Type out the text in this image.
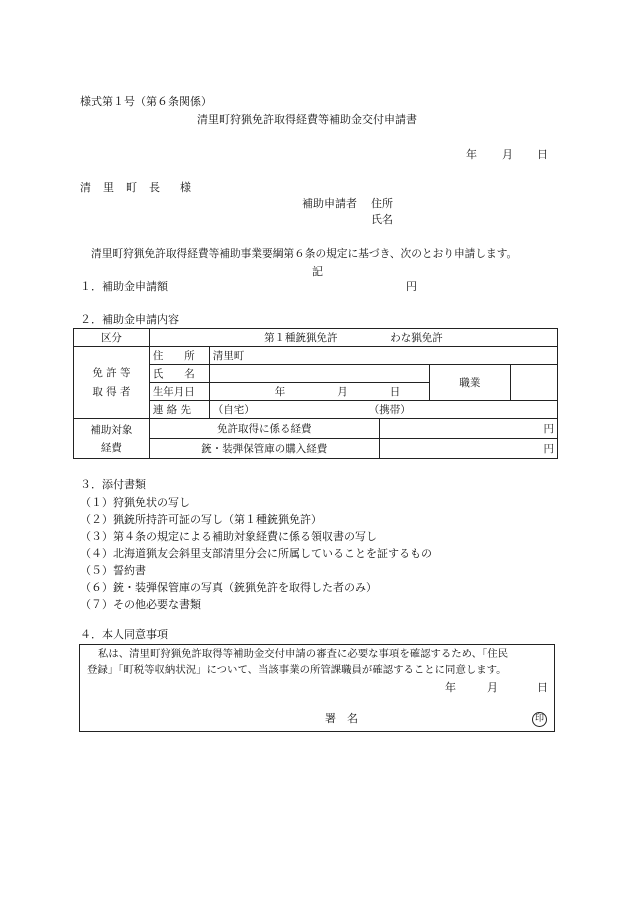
様式第１号（第６条関係）
清里町狩猟免許取得経費等補助金交付申請書
年 月 日
清　里　町　長 様
補助申請者 住所
氏名
清里町狩猟免許取得経費等補助事業要綱第６条の規定に基づき、次のとおり申請します。
記
１．補助金申請額	円
２．補助金申請内容
区分	第１種銃猟免許 わな猟免許				

免 許 等
取 得 者	住　　所	清里町			
	氏　　名			職業	
	生年月日	年 月 日			
	連 絡 先	（自宅） （携帯）			

補助対象
経費	免許取得に係る経費		円		
	銃・装弾保管庫の購入経費		円		
３．添付書類
（１）狩猟免状の写し
（２）猟銃所持許可証の写し（第１種銃猟免許）
（３）第４条の規定による補助対象経費に係る領収書の写し
（４）北海道猟友会斜里支部清里分会に所属していることを証するもの
（５）誓約書
（６）銃・装弾保管庫の写真（銃猟免許を取得した者のみ）
（７）その他必要な書類
４．本人同意事項
私は、清里町狩猟免許取得等補助金交付申請の審査に必要な事項を確認するため、「住民
登録」「町税等収納状況」について、当該事業の所管課職員が確認することに同意します。
年	月	日
署　名	印
